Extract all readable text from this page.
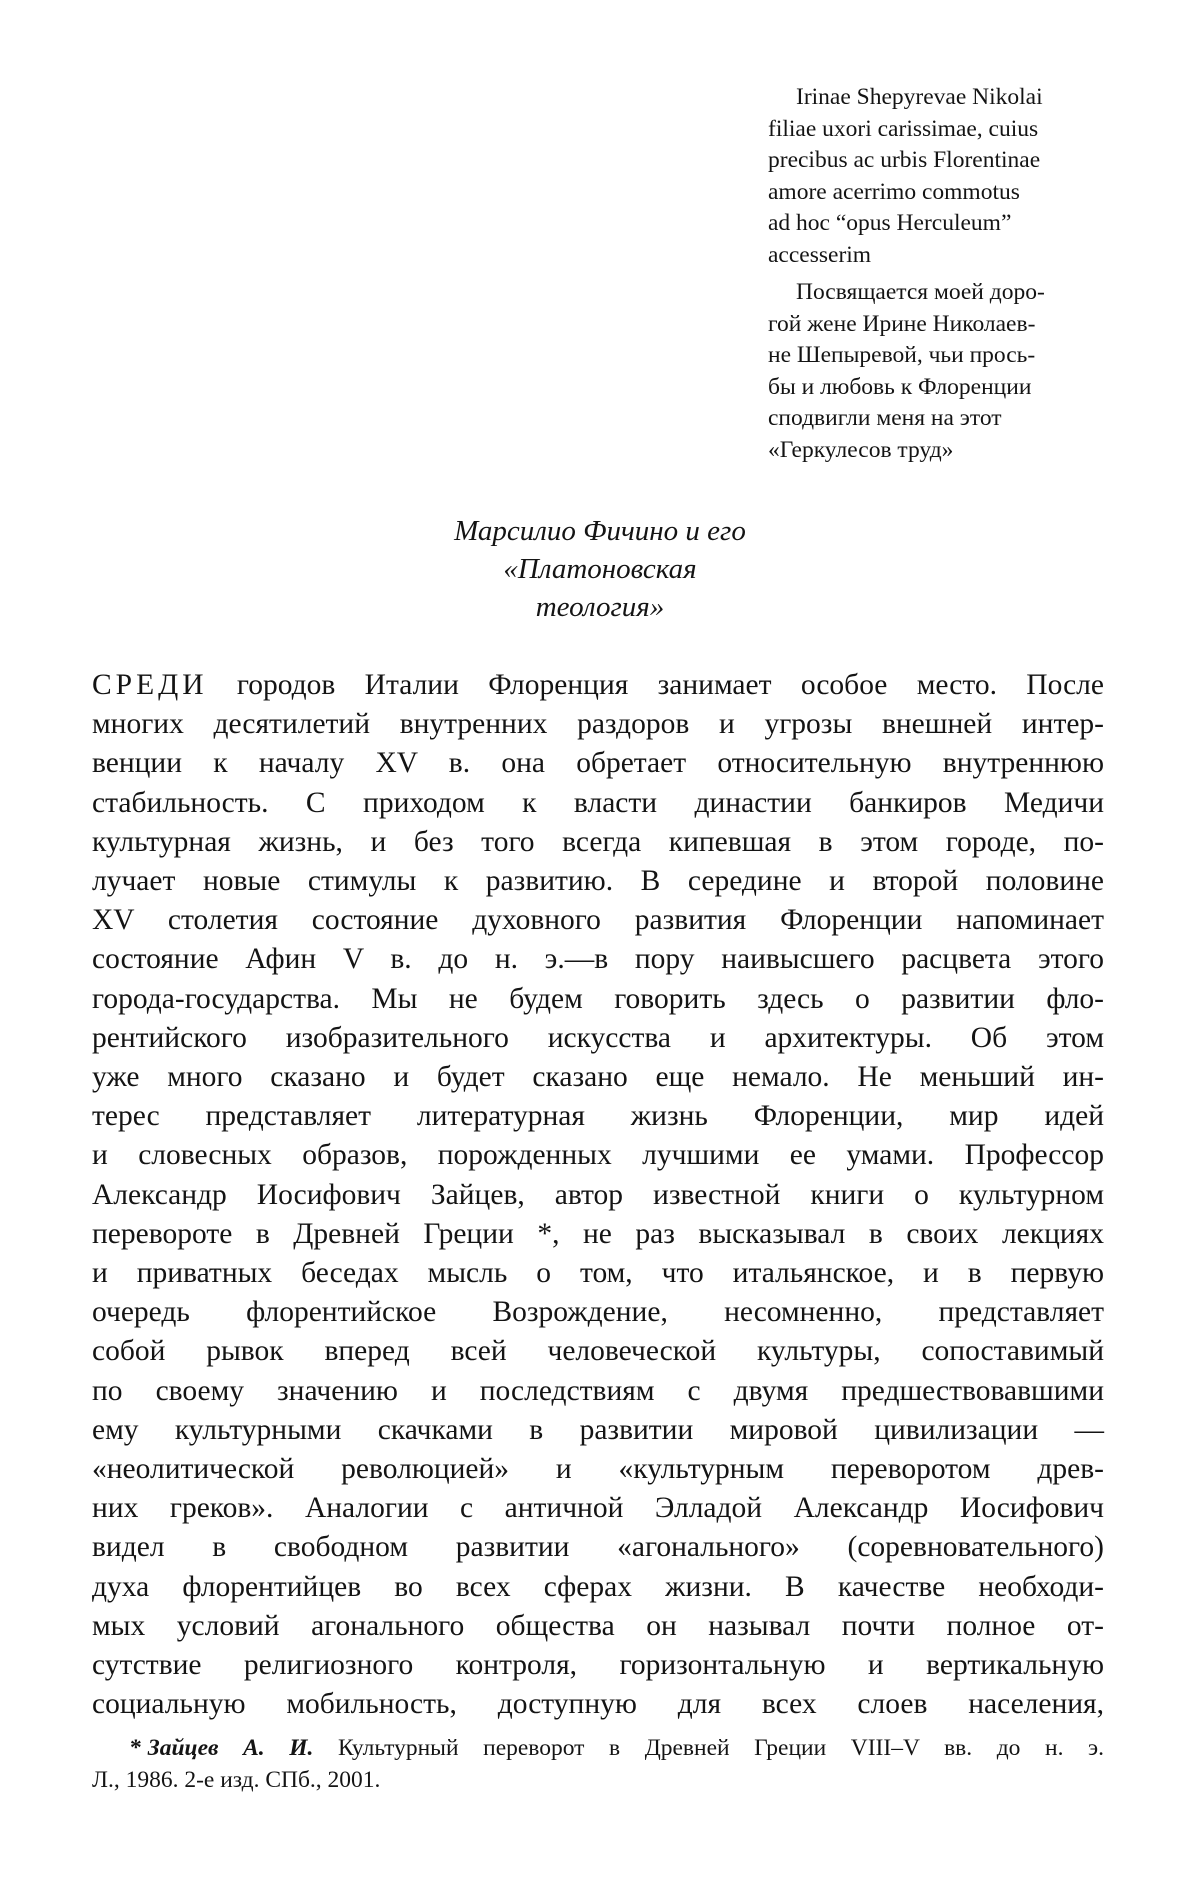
Irinae Shepyrevae Nikolai
filiae uxori carissimae, cuius
precibus ac urbis Florentinae
amore acerrimo commotus
ad hoc “opus Herculeum”
accesserim
Посвящается моей доро-
гой жене Ирине Николаев-
не Шепыревой, чьи прось-
бы и любовь к Флоренции
сподвигли меня на этот
«Геркулесов труд»
Марсилио Фичино и его
«Платоновская
теология»
СРЕДИ городов Италии Флоренция занимает особое место. После
многих десятилетий внутренних раздоров и угрозы внешней интер-
венции к началу XV в. она обретает относительную внутреннюю
стабильность. С приходом к власти династии банкиров Медичи
культурная жизнь, и без того всегда кипевшая в этом городе, по-
лучает новые стимулы к развитию. В середине и второй половине
XV столетия состояние духовного развития Флоренции напоминает
состояние Афин V в. до н. э.—в пору наивысшего расцвета этого
города-государства. Мы не будем говорить здесь о развитии фло-
рентийского изобразительного искусства и архитектуры. Об этом
уже много сказано и будет сказано еще немало. Не меньший ин-
терес представляет литературная жизнь Флоренции, мир идей
и словесных образов, порожденных лучшими ее умами. Профессор
Александр Иосифович Зайцев, автор известной книги о культурном
перевороте в Древней Греции *, не раз высказывал в своих лекциях
и приватных беседах мысль о том, что итальянское, и в первую
очередь флорентийское Возрождение, несомненно, представляет
собой рывок вперед всей человеческой культуры, сопоставимый
по своему значению и последствиям с двумя предшествовавшими
ему культурными скачками в развитии мировой цивилизации —
«неолитической революцией» и «культурным переворотом древ-
них греков». Аналогии с античной Элладой Александр Иосифович
видел в свободном развитии «агонального» (соревновательного)
духа флорентийцев во всех сферах жизни. В качестве необходи-
мых условий агонального общества он называл почти полное от-
сутствие религиозного контроля, горизонтальную и вертикальную
социальную мобильность, доступную для всех слоев населения,
* Зайцев А. И. Культурный переворот в Древней Греции VIII–V вв. до н. э.
Л., 1986. 2-е изд. СПб., 2001.
